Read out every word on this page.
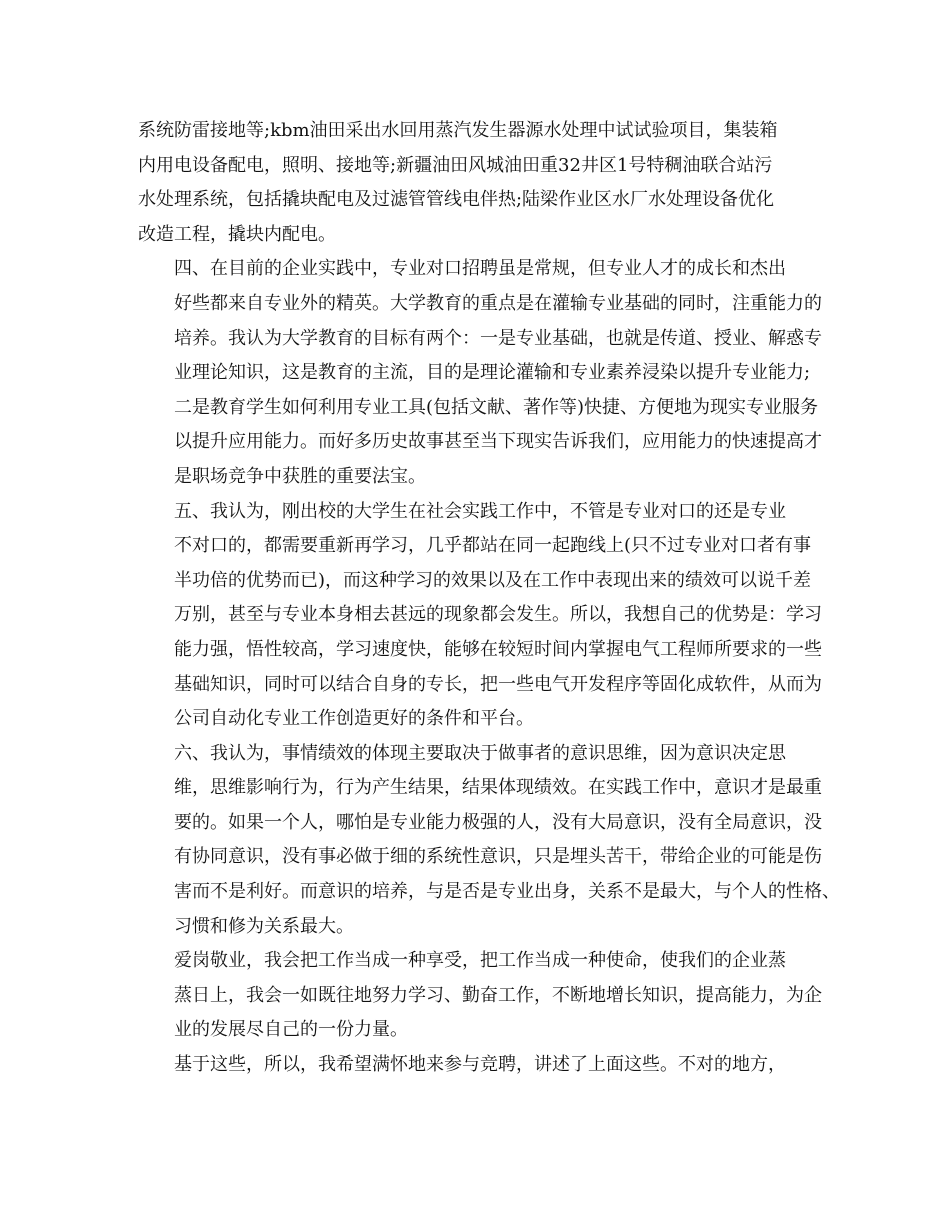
系统防雷接地等;kbm油田采出水回用蒸汽发生器源水处理中试试验项目，集装箱
内用电设备配电，照明、接地等;新疆油田风城油田重32井区1号特稠油联合站污
水处理系统，包括撬块配电及过滤管管线电伴热;陆梁作业区水厂水处理设备优化
改造工程，撬块内配电。

四、在目前的企业实践中，专业对口招聘虽是常规，但专业人才的成长和杰出
好些都来自专业外的精英。大学教育的重点是在灌输专业基础的同时，注重能力的
培养。我认为大学教育的目标有两个：一是专业基础，也就是传道、授业、解惑专
业理论知识，这是教育的主流，目的是理论灌输和专业素养浸染以提升专业能力;
二是教育学生如何利用专业工具(包括文献、著作等)快捷、方便地为现实专业服务
以提升应用能力。而好多历史故事甚至当下现实告诉我们，应用能力的快速提高才
是职场竞争中获胜的重要法宝。

五、我认为，刚出校的大学生在社会实践工作中，不管是专业对口的还是专业
不对口的，都需要重新再学习，几乎都站在同一起跑线上(只不过专业对口者有事
半功倍的优势而已)，而这种学习的效果以及在工作中表现出来的绩效可以说千差
万别，甚至与专业本身相去甚远的现象都会发生。所以，我想自己的优势是：学习
能力强，悟性较高，学习速度快，能够在较短时间内掌握电气工程师所要求的一些
基础知识，同时可以结合自身的专长，把一些电气开发程序等固化成软件，从而为
公司自动化专业工作创造更好的条件和平台。

六、我认为，事情绩效的体现主要取决于做事者的意识思维，因为意识决定思
维，思维影响行为，行为产生结果，结果体现绩效。在实践工作中，意识才是最重
要的。如果一个人，哪怕是专业能力极强的人，没有大局意识，没有全局意识，没
有协同意识，没有事必做于细的系统性意识，只是埋头苦干，带给企业的可能是伤
害而不是利好。而意识的培养，与是否是专业出身，关系不是最大，与个人的性格、
习惯和修为关系最大。

爱岗敬业，我会把工作当成一种享受，把工作当成一种使命，使我们的企业蒸
蒸日上，我会一如既往地努力学习、勤奋工作，不断地增长知识，提高能力，为企
业的发展尽自己的一份力量。

基于这些，所以，我希望满怀地来参与竞聘，讲述了上面这些。不对的地方，
